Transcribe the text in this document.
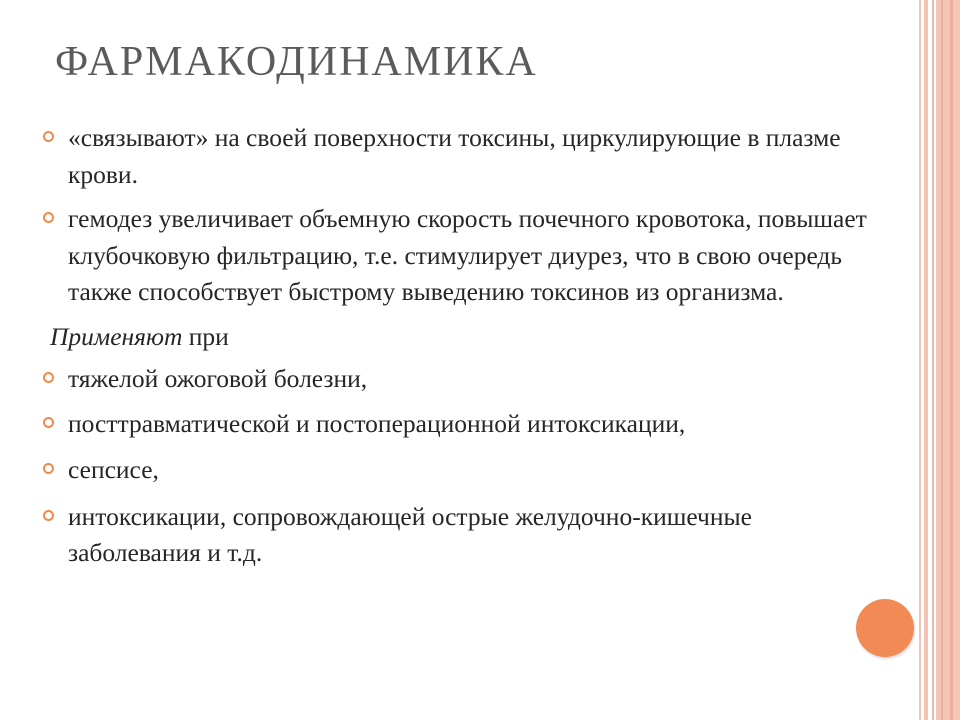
ФАРМАКОДИНАМИКА
«связывают» на своей поверхности токсины, циркулирующие в плазме крови.
гемодез увеличивает объемную скорость почечного кровотока, повышает клубочковую фильтрацию, т.е. стимулирует диурез, что в свою очередь также способствует быстрому выведению токсинов из организма.
Применяют при
тяжелой ожоговой болезни,
посттравматической и постоперационной интоксикации,
сепсисе,
интоксикации, сопровождающей острые желудочно-кишечные заболевания и т.д.
